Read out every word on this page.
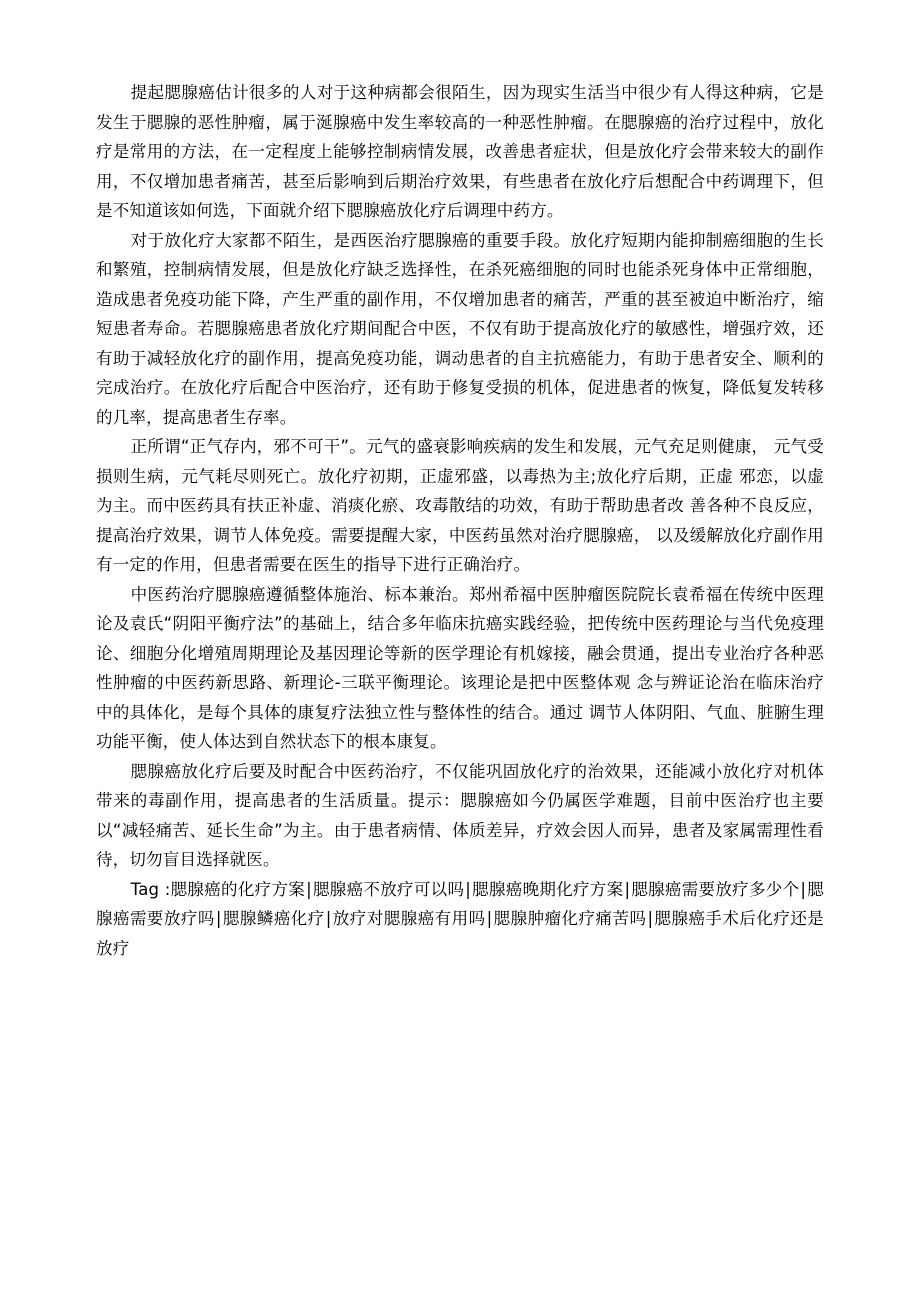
提起腮腺癌估计很多的人对于这种病都会很陌生，因为现实生活当中很少有人得这种病，它是发生于腮腺的恶性肿瘤，属于涎腺癌中发生率较高的一种恶性肿瘤。在腮腺癌的治疗过程中，放化疗是常用的方法，在一定程度上能够控制病情发展，改善患者症状，但是放化疗会带来较大的副作用，不仅增加患者痛苦，甚至后影响到后期治疗效果，有些患者在放化疗后想配合中药调理下，但是不知道该如何选，下面就介绍下腮腺癌放化疗后调理中药方。

对于放化疗大家都不陌生，是西医治疗腮腺癌的重要手段。放化疗短期内能抑制癌细胞的生长和繁殖，控制病情发展，但是放化疗缺乏选择性，在杀死癌细胞的同时也能杀死身体中正常细胞，造成患者免疫功能下降，产生严重的副作用，不仅增加患者的痛苦，严重的甚至被迫中断治疗，缩短患者寿命。若腮腺癌患者放化疗期间配合中医，不仅有助于提高放化疗的敏感性，增强疗效，还有助于减轻放化疗的副作用，提高免疫功能，调动患者的自主抗癌能力，有助于患者安全、顺利的完成治疗。在放化疗后配合中医治疗，还有助于修复受损的机体，促进患者的恢复，降低复发转移的几率，提高患者生存率。

正所谓“正气存内，邪不可干”。元气的盛衰影响疾病的发生和发展，元气充足则健康， 元气受损则生病，元气耗尽则死亡。放化疗初期，正虚邪盛，以毒热为主;放化疗后期，正虚 邪恋，以虚为主。而中医药具有扶正补虚、消痰化瘀、攻毒散结的功效，有助于帮助患者改 善各种不良反应，提高治疗效果，调节人体免疫。需要提醒大家，中医药虽然对治疗腮腺癌， 以及缓解放化疗副作用有一定的作用，但患者需要在医生的指导下进行正确治疗。

中医药治疗腮腺癌遵循整体施治、标本兼治。郑州希福中医肿瘤医院院长袁希福在传统中医理论及袁氏“阴阳平衡疗法”的基础上，结合多年临床抗癌实践经验，把传统中医药理论与当代免疫理论、细胞分化增殖周期理论及基因理论等新的医学理论有机嫁接，融会贯通，提出专业治疗各种恶性肿瘤的中医药新思路、新理论-三联平衡理论。该理论是把中医整体观 念与辨证论治在临床治疗中的具体化，是每个具体的康复疗法独立性与整体性的结合。通过 调节人体阴阳、气血、脏腑生理功能平衡，使人体达到自然状态下的根本康复。

腮腺癌放化疗后要及时配合中医药治疗，不仅能巩固放化疗的治效果，还能减小放化疗对机体带来的毒副作用，提高患者的生活质量。提示：腮腺癌如今仍属医学难题，目前中医治疗也主要以“减轻痛苦、延长生命”为主。由于患者病情、体质差异，疗效会因人而异，患者及家属需理性看待，切勿盲目选择就医。

Tag :腮腺癌的化疗方案|腮腺癌不放疗可以吗|腮腺癌晚期化疗方案|腮腺癌需要放疗多少个|腮腺癌需要放疗吗|腮腺鳞癌化疗|放疗对腮腺癌有用吗|腮腺肿瘤化疗痛苦吗|腮腺癌手术后化疗还是放疗
